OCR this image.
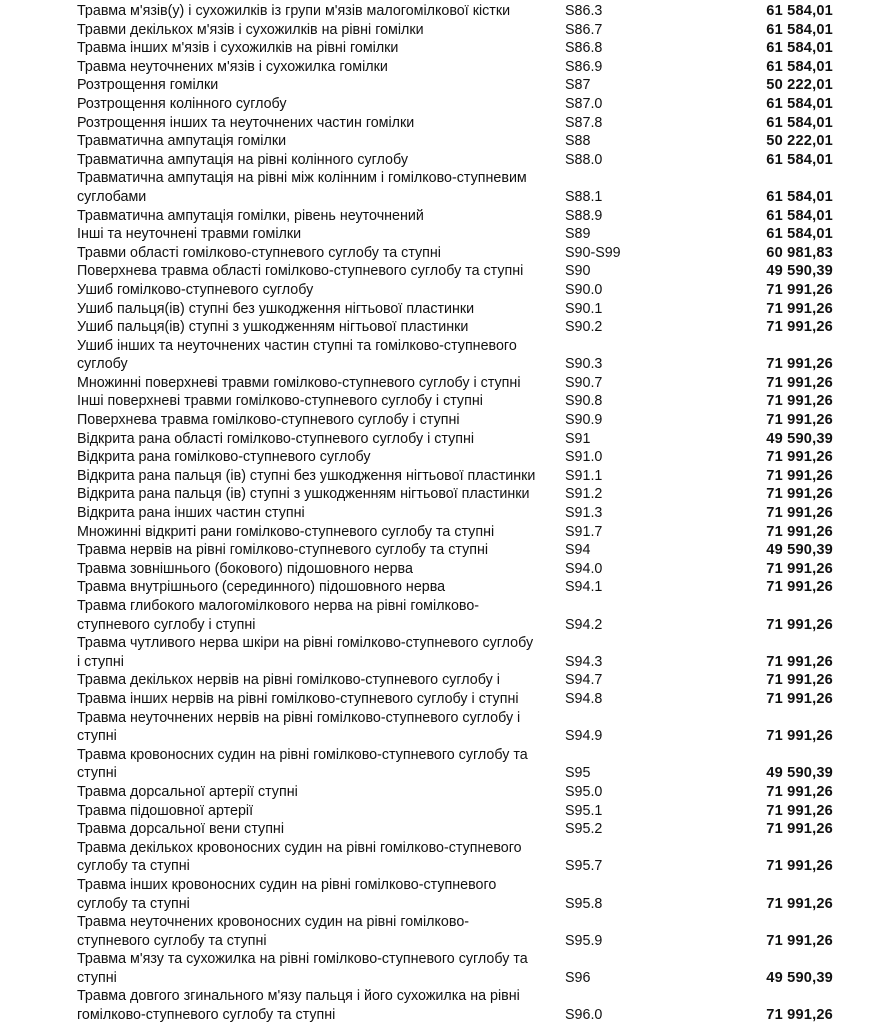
Травма м'язів(у) і сухожилків із групи м'язів малогомілкової кістки	S86.3	61 584,01
Травми декількох м'язів і сухожилків на рівні гомілки	S86.7	61 584,01
Травма інших м'язів і сухожилків на рівні гомілки	S86.8	61 584,01
Травма неуточнених м'язів і сухожилка гомілки	S86.9	61 584,01
Розтрощення гомілки	S87	50 222,01
Розтрощення колінного суглобу	S87.0	61 584,01
Розтрощення інших та неуточнених частин гомілки	S87.8	61 584,01
Травматична ампутація гомілки	S88	50 222,01
Травматична ампутація на рівні колінного суглобу	S88.0	61 584,01
Травматична ампутація на рівні між колінним і гомілково-ступневим
суглобами	S88.1	61 584,01
Травматична ампутація гомілки, рівень неуточнений	S88.9	61 584,01
Інші та неуточнені травми гомілки	S89	61 584,01
Травми області гомілково-ступневого суглобу та ступні	S90-S99	60 981,83
Поверхнева травма області гомілково-ступневого суглобу та ступні	S90	49 590,39
Ушиб гомілково-ступневого суглобу	S90.0	71 991,26
Ушиб пальця(ів) ступні без ушкодження нігтьової пластинки	S90.1	71 991,26
Ушиб пальця(ів) ступні з ушкодженням нігтьової пластинки	S90.2	71 991,26
Ушиб інших та неуточнених частин ступні та гомілково-ступневого
суглобу	S90.3	71 991,26
Множинні поверхневі травми гомілково-ступневого суглобу і ступні	S90.7	71 991,26
Інші поверхневі травми гомілково-ступневого суглобу і ступні	S90.8	71 991,26
Поверхнева травма гомілково-ступневого суглобу і ступні	S90.9	71 991,26
Відкрита рана області гомілково-ступневого суглобу і ступні	S91	49 590,39
Відкрита рана гомілково-ступневого суглобу	S91.0	71 991,26
Відкрита рана пальця (ів) ступні без ушкодження нігтьової пластинки	S91.1	71 991,26
Відкрита рана пальця (ів) ступні з ушкодженням нігтьової пластинки	S91.2	71 991,26
Відкрита рана інших частин ступні	S91.3	71 991,26
Множинні відкриті рани гомілково-ступневого суглобу та ступні	S91.7	71 991,26
Травма нервів на рівні гомілково-ступневого суглобу та ступні	S94	49 590,39
Травма зовнішнього (бокового) підошовного нерва	S94.0	71 991,26
Травма внутрішнього (серединного) підошовного нерва	S94.1	71 991,26
Травма глибокого малогомілкового нерва на рівні гомілково-
ступневого суглобу і ступні	S94.2	71 991,26
Травма чутливого нерва шкіри на рівні гомілково-ступневого суглобу
і ступні	S94.3	71 991,26
Травма декількох нервів на рівні гомілково-ступневого суглобу і	S94.7	71 991,26
Травма інших нервів на рівні гомілково-ступневого суглобу і ступні	S94.8	71 991,26
Травма неуточнених нервів на рівні гомілково-ступневого суглобу і
ступні	S94.9	71 991,26
Травма кровоносних судин на рівні гомілково-ступневого суглобу та
ступні	S95	49 590,39
Травма дорсальної артерії ступні	S95.0	71 991,26
Травма підошовної артерії	S95.1	71 991,26
Травма дорсальної вени ступні	S95.2	71 991,26
Травма декількох кровоносних судин на рівні гомілково-ступневого
суглобу та ступні	S95.7	71 991,26
Травма інших кровоносних судин на рівні гомілково-ступневого
суглобу та ступні	S95.8	71 991,26
Травма неуточнених кровоносних судин на рівні гомілково-
ступневого суглобу та ступні	S95.9	71 991,26
Травма м'язу та сухожилка на рівні гомілково-ступневого суглобу та
ступні	S96	49 590,39
Травма довгого згинального м'язу пальця і його сухожилка на рівні
гомілково-ступневого суглобу та ступні	S96.0	71 991,26
